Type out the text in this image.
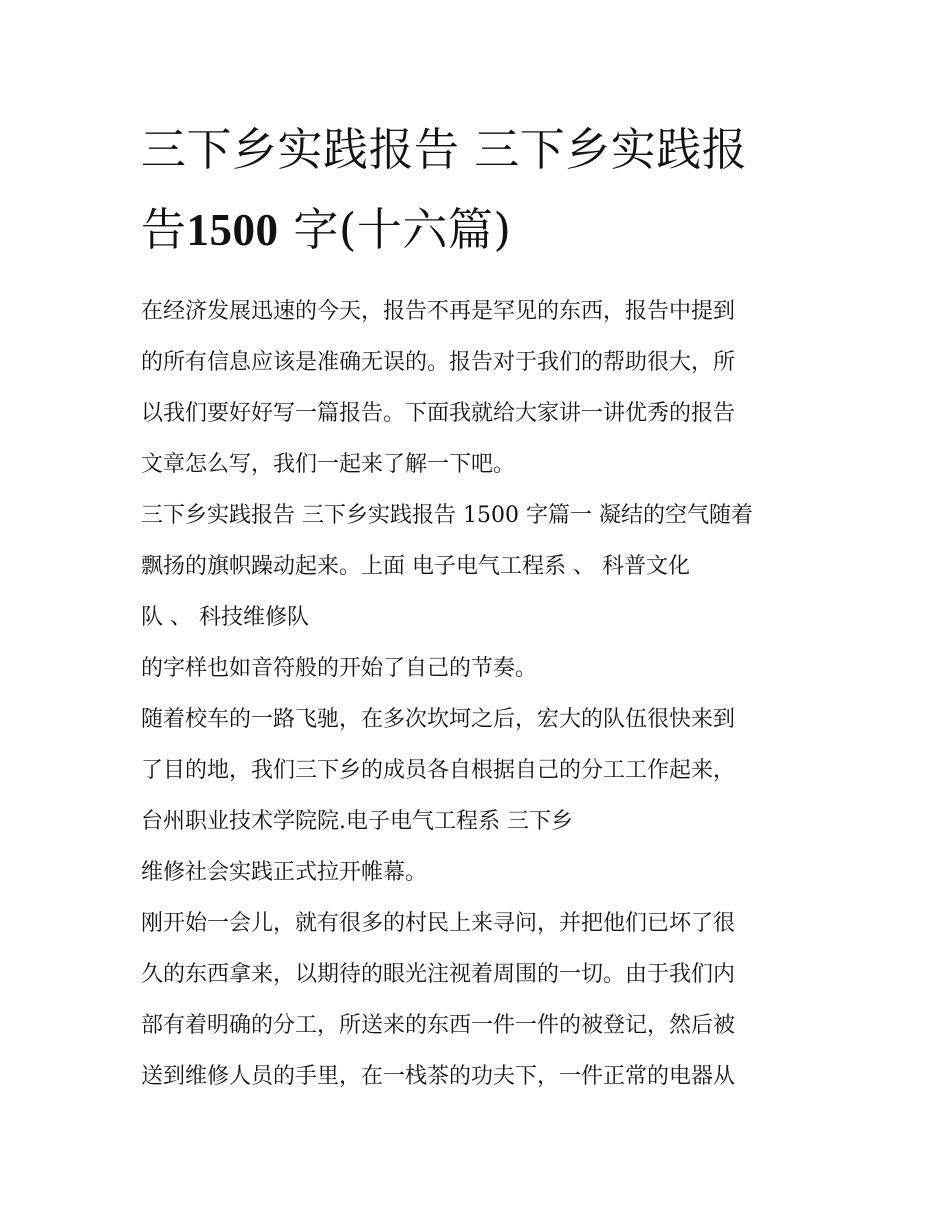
三下乡实践报告 三下乡实践报
告1500 字(十六篇)

在经济发展迅速的今天，报告不再是罕见的东西，报告中提到
的所有信息应该是准确无误的。报告对于我们的帮助很大，所
以我们要好好写一篇报告。下面我就给大家讲一讲优秀的报告
文章怎么写，我们一起来了解一下吧。

三下乡实践报告 三下乡实践报告 1500 字篇一 凝结的空气随着
飘扬的旗帜躁动起来。上面 电子电气工程系 、 科普文化
队 、 科技维修队
的字样也如音符般的开始了自己的节奏。

随着校车的一路飞驰，在多次坎坷之后，宏大的队伍很快来到
了目的地，我们三下乡的成员各自根据自己的分工工作起来，
台州职业技术学院院.电子电气工程系 三下乡
维修社会实践正式拉开帷幕。

刚开始一会儿，就有很多的村民上来寻问，并把他们已坏了很
久的东西拿来，以期待的眼光注视着周围的一切。由于我们内
部有着明确的分工，所送来的东西一件一件的被登记，然后被
送到维修人员的手里，在一栈茶的功夫下，一件正常的电器从
